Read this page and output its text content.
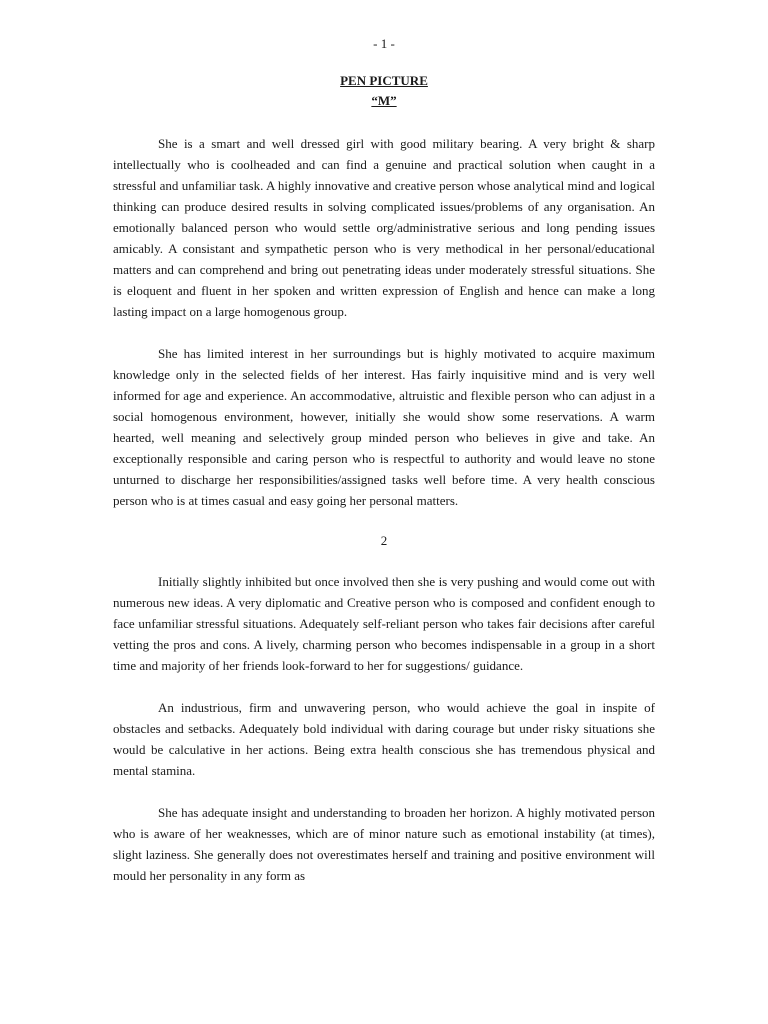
- 1 -

PEN PICTURE

“M”

She is a smart and well dressed girl with good military bearing. A very bright & sharp intellectually who is coolheaded and can find a genuine and practical solution when caught in a stressful and unfamiliar task. A highly innovative and creative person whose analytical mind and logical thinking can produce desired results in solving complicated issues/problems of any organisation. An emotionally balanced person who would settle org/administrative serious and long pending issues amicably. A consistant and sympathetic person who is very methodical in her personal/educational matters and can comprehend and bring out penetrating ideas under moderately stressful situations. She is eloquent and fluent in her spoken and written expression of English and hence can make a long lasting impact on a large homogenous group.

She has limited interest in her surroundings but is highly motivated to acquire maximum knowledge only in the selected fields of her interest. Has fairly inquisitive mind and is very well informed for age and experience. An accommodative, altruistic and flexible person who can adjust in a social homogenous environment, however, initially she would show some reservations. A warm hearted, well meaning and selectively group minded person who believes in give and take. An exceptionally responsible and caring person who is respectful to authority and would leave no stone unturned to discharge her responsibilities/assigned tasks well before time. A very health conscious person who is at times casual and easy going her personal matters.

2

Initially slightly inhibited but once involved then she is very pushing and would come out with numerous new ideas. A very diplomatic and Creative person who is composed and confident enough to face unfamiliar stressful situations. Adequately self-reliant person who takes fair decisions after careful vetting the pros and cons. A lively, charming person who becomes indispensable in a group in a short time and majority of her friends look-forward to her for suggestions/ guidance.

An industrious, firm and unwavering person, who would achieve the goal in inspite of obstacles and setbacks. Adequately bold individual with daring courage but under risky situations she would be calculative in her actions. Being extra health conscious she has tremendous physical and mental stamina.

She has adequate insight and understanding to broaden her horizon. A highly motivated person who is aware of her weaknesses, which are of minor nature such as emotional instability (at times), slight laziness. She generally does not overestimates herself and training and positive environment will mould her personality in any form as
